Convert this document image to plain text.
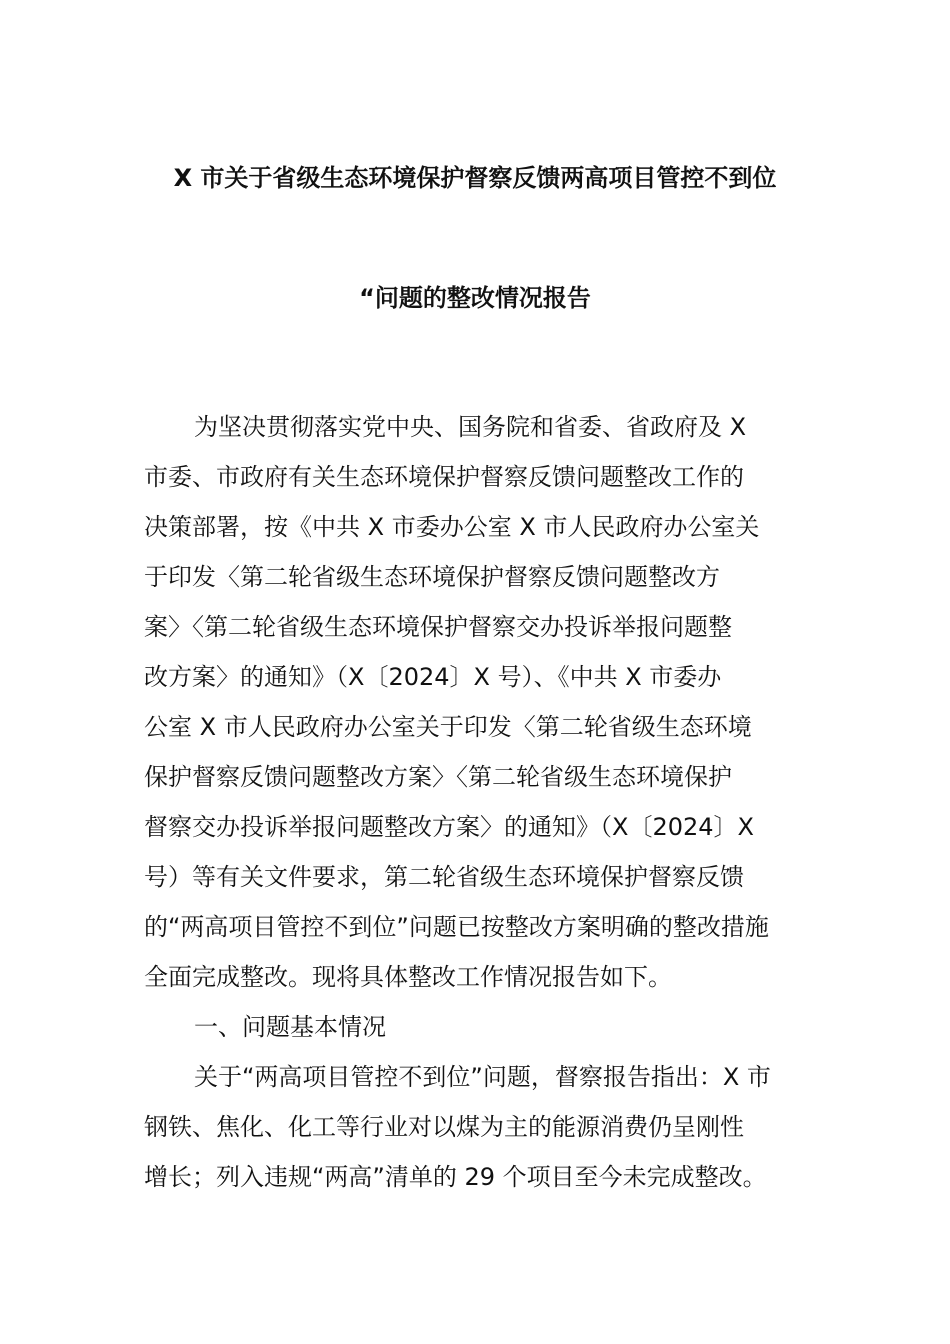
X 市关于省级生态环境保护督察反馈两高项目管控不到位
“问题的整改情况报告
为坚决贯彻落实党中央、国务院和省委、省政府及 X
市委、市政府有关生态环境保护督察反馈问题整改工作的
决策部署，按《中共 X 市委办公室 X 市人民政府办公室关
于印发〈第二轮省级生态环境保护督察反馈问题整改方
案〉〈第二轮省级生态环境保护督察交办投诉举报问题整
改方案〉的通知》（X〔2024〕X 号）、《中共 X 市委办
公室 X 市人民政府办公室关于印发〈第二轮省级生态环境
保护督察反馈问题整改方案〉〈第二轮省级生态环境保护
督察交办投诉举报问题整改方案〉的通知》（X〔2024〕X
号）等有关文件要求，第二轮省级生态环境保护督察反馈
的“两高项目管控不到位”问题已按整改方案明确的整改措施
全面完成整改。现将具体整改工作情况报告如下。
一、问题基本情况
关于“两高项目管控不到位”问题，督察报告指出：X 市
钢铁、焦化、化工等行业对以煤为主的能源消费仍呈刚性
增长；列入违规“两高”清单的 29 个项目至今未完成整改。
